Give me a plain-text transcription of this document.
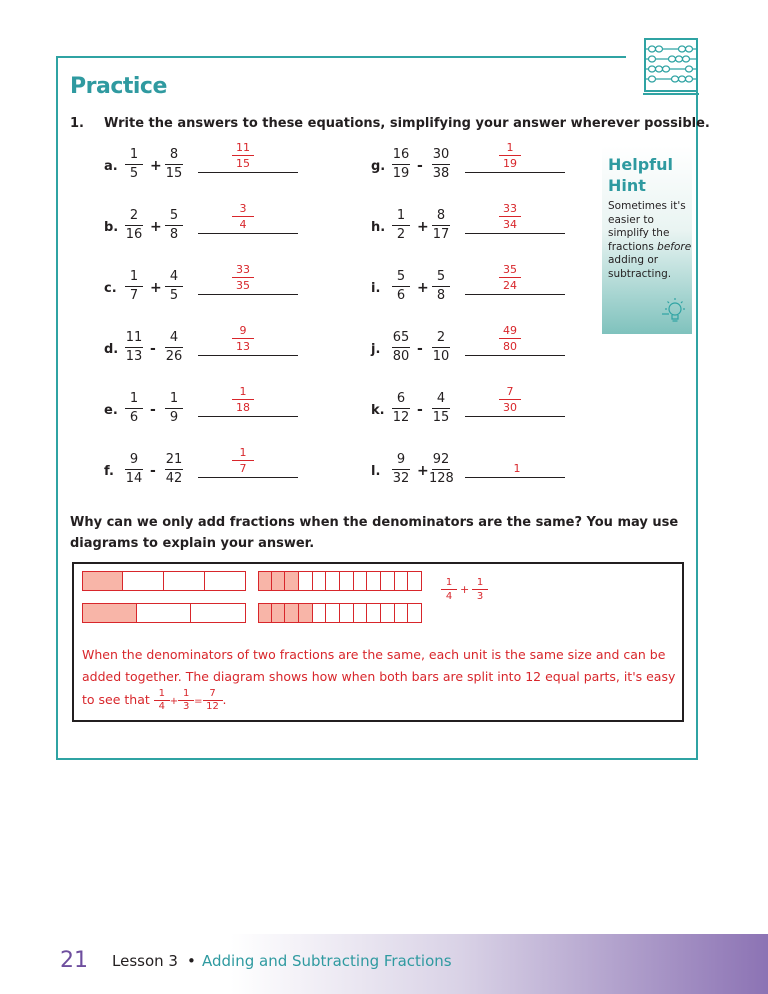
Practice
1. Write the answers to these equations, simplifying your answer wherever possible.
a.
1
5 +
8
15
11
15
b.
2
16 +
5
8
3
4
c.
1
7 +
4
5
33
35
d.
11
13 -
4
26
9
13
e.
1
6 -
1
9
1
18
f.
9
14 -
21
42
1
7
g.
16
19 -
30
38
1
19
h.
1
2 +
8
17
33
34
i.
5
6 +
5
8
35
24
j.
65
80 -
2
10
49
80
k.
6
12 -
4
15
7
30
l.
9
32 +
92
128
1
Helpful
Hint
Sometimes it's easier to simplify the fractions before adding or subtracting.
Why can we only add fractions when the denominators are the same? You may use diagrams to explain your answer.
1
4
+
1
3
When the denominators of two fractions are the same, each unit is the same size and can be added together. The diagram shows how when both bars are split into 12 equal parts, it's easy to see that $\frac{1}{4} + \frac{1}{3} = \frac{7}{12}$ .
21 Lesson 3 • Adding and Subtracting Fractions
